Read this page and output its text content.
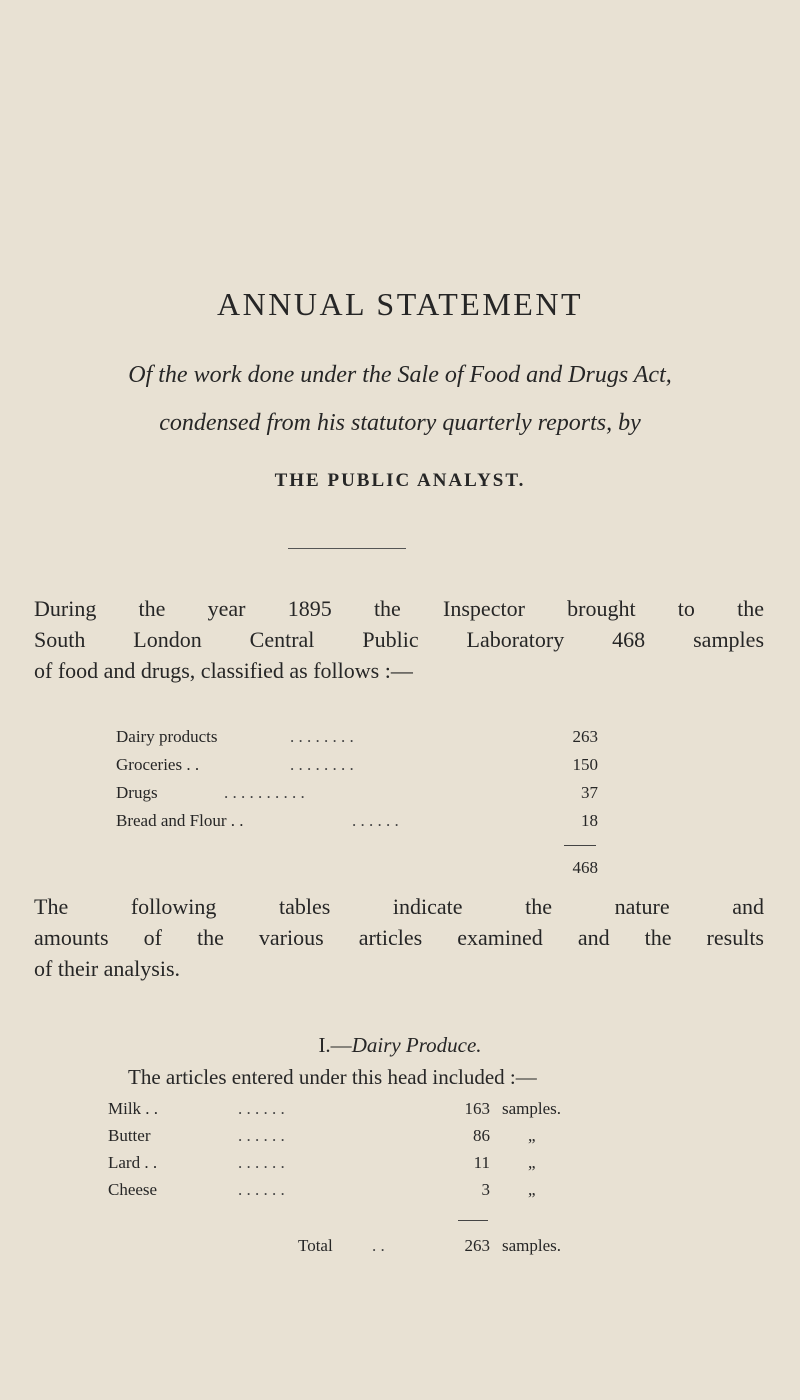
ANNUAL STATEMENT
Of the work done under the Sale of Food and Drugs Act,
condensed from his statutory quarterly reports, by
THE PUBLIC ANALYST.
During the year 1895 the Inspector brought to the
South London Central Public Laboratory 468 samples
of food and drugs, classified as follows :—
Dairy products	. . . . . . . .	263
Groceries . .	. . . . . . . .	150
Drugs	. . . . . . . . . .	37
Bread and Flour . .	. . . . . .	18
468
The following tables indicate the nature and
amounts of the various articles examined and the results
of their analysis.
I.—Dairy Produce.
The articles entered under this head included :—
Milk . .	. . . . . .	163 samples.
Butter	. . . . . .	86 „
Lard . .	. . . . . .	11 „
Cheese	. . . . . .	3 „
Total . .	263 samples.
